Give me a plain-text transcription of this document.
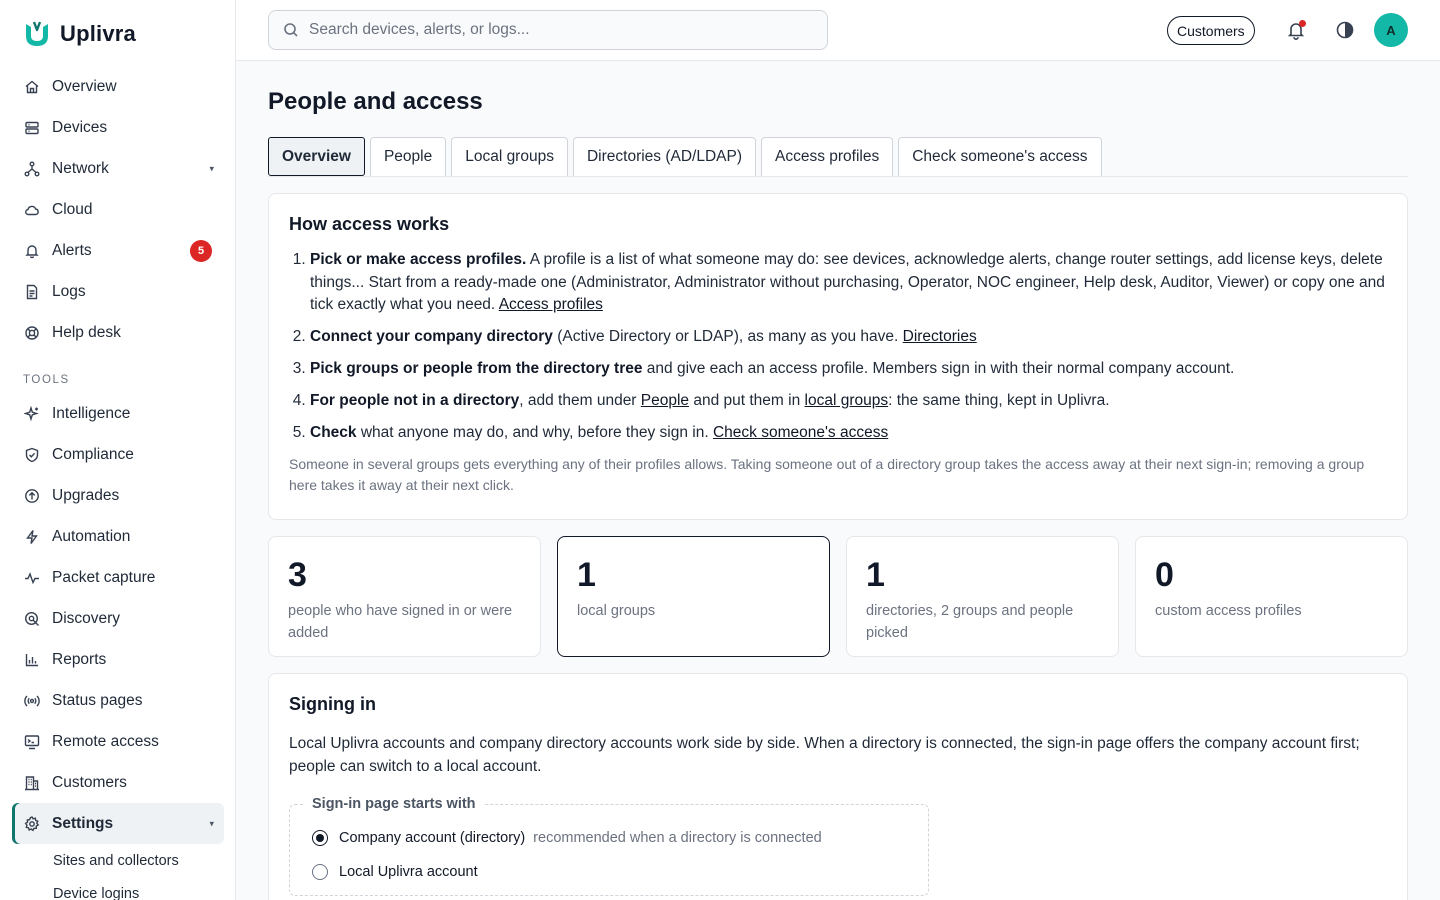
Uplivra
Overview
Devices
Network	▾
Cloud
Alerts	5
Logs
Help desk
TOOLS
Intelligence
Compliance
Upgrades
Automation
Packet capture
Discovery
Reports
Status pages
Remote access
Customers
Settings	▾
Sites and collectors
Device logins
Search devices, alerts, or logs...
Customers	A
People and access
Overview	People	Local groups	Directories (AD/LDAP)	Access profiles	Check someone's access
How access works
1. Pick or make access profiles. A profile is a list of what someone may do: see devices, acknowledge alerts, change router settings, add license keys, delete things... Start from a ready-made one (Administrator, Administrator without purchasing, Operator, NOC engineer, Help desk, Auditor, Viewer) or copy one and tick exactly what you need. Access profiles
2. Connect your company directory (Active Directory or LDAP), as many as you have. Directories
3. Pick groups or people from the directory tree and give each an access profile. Members sign in with their normal company account.
4. For people not in a directory, add them under People and put them in local groups: the same thing, kept in Uplivra.
5. Check what anyone may do, and why, before they sign in. Check someone's access

Someone in several groups gets everything any of their profiles allows. Taking someone out of a directory group takes the access away at their next sign-in; removing a group here takes it away at their next click.

3
people who have signed in or were added
1
local groups
1
directories, 2 groups and people picked
0
custom access profiles
Signing in

Local Uplivra accounts and company directory accounts work side by side. When a directory is connected, the sign-in page offers the company account first; people can switch to a local account.

Sign-in page starts with
Company account (directory) recommended when a directory is connected
Local Uplivra account
